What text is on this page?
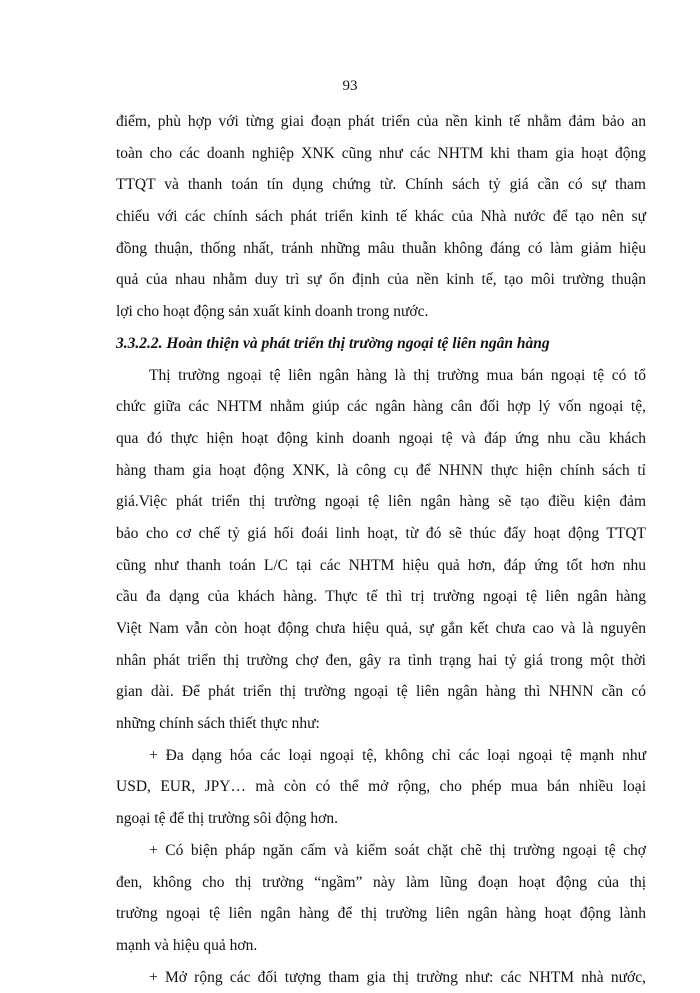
93
điểm, phù hợp với từng giai đoạn phát triển của nền kinh tế nhằm đảm bảo an
toàn cho các doanh nghiệp XNK cũng như các NHTM khi tham gia hoạt động
TTQT và thanh toán tín dụng chứng từ. Chính sách tỷ giá cần có sự tham
chiếu với các chính sách phát triển kinh tế khác của Nhà nước để tạo nên sự
đồng thuận, thống nhất, tránh những mâu thuẫn không đáng có làm giảm hiệu
quả của nhau nhằm duy trì sự ổn định của nền kinh tế, tạo môi trường thuận
lợi cho hoạt động sản xuất kinh doanh trong nước.
3.3.2.2. Hoàn thiện và phát triển thị trường ngoại tệ liên ngân hàng
Thị trường ngoại tệ liên ngân hàng là thị trường mua bán ngoại tệ có tổ
chức giữa các NHTM nhằm giúp các ngân hàng cân đối hợp lý vốn ngoại tệ,
qua đó thực hiện hoạt động kinh doanh ngoại tệ và đáp ứng nhu cầu khách
hàng tham gia hoạt động XNK, là công cụ để NHNN thực hiện chính sách tỉ
giá.Việc phát triển thị trường ngoại tệ liên ngân hàng sẽ tạo điều kiện đảm
bảo cho cơ chế tỷ giá hối đoái linh hoạt, từ đó sẽ thúc đẩy hoạt động TTQT
cũng như thanh toán L/C tại các NHTM hiệu quả hơn, đáp ứng tốt hơn nhu
cầu đa dạng của khách hàng. Thực tế thì trị trường ngoại tệ liên ngân hàng
Việt Nam vẫn còn hoạt động chưa hiệu quả, sự gắn kết chưa cao và là nguyên
nhân phát triển thị trường chợ đen, gây ra tình trạng hai tỷ giá trong một thời
gian dài. Để phát triển thị trường ngoại tệ liên ngân hàng thì NHNN cần có
những chính sách thiết thực như:
+ Đa dạng hóa các loại ngoại tệ, không chỉ các loại ngoại tệ mạnh như
USD, EUR, JPY… mà còn có thể mở rộng, cho phép mua bán nhiều loại
ngoại tệ để thị trường sôi động hơn.
+ Có biện pháp ngăn cấm và kiểm soát chặt chẽ thị trường ngoại tệ chợ
đen, không cho thị trường “ngầm” này làm lũng đoạn hoạt động của thị
trường ngoại tệ liên ngân hàng để thị trường liên ngân hàng hoạt động lành
mạnh và hiệu quả hơn.
+ Mở rộng các đối tượng tham gia thị trường như: các NHTM nhà nước,
